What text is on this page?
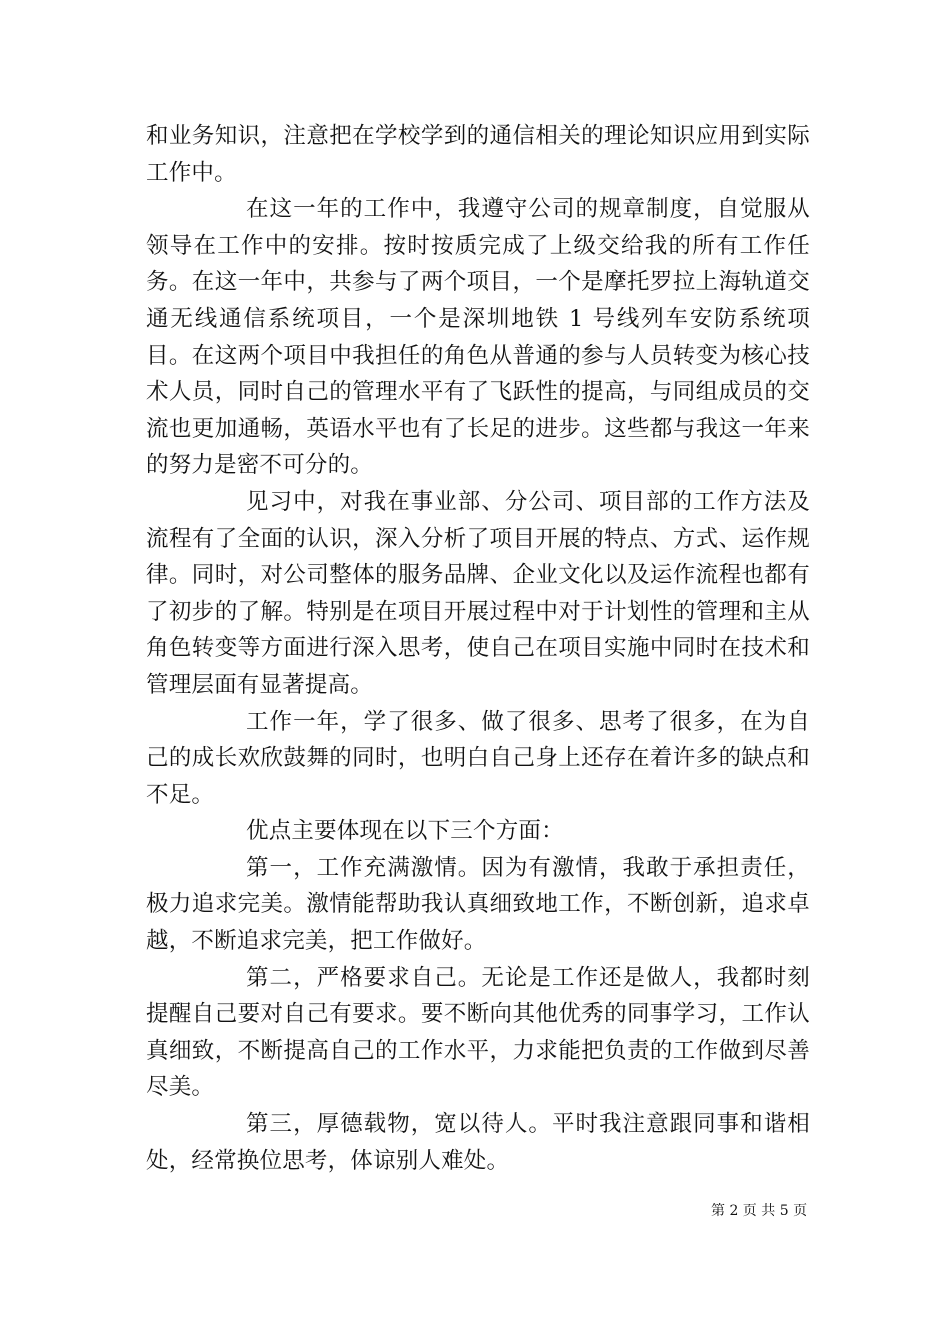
和业务知识，注意把在学校学到的通信相关的理论知识应用到实际工作中。

在这一年的工作中，我遵守公司的规章制度，自觉服从领导在工作中的安排。按时按质完成了上级交给我的所有工作任务。在这一年中，共参与了两个项目，一个是摩托罗拉上海轨道交通无线通信系统项目，一个是深圳地铁 1 号线列车安防系统项目。在这两个项目中我担任的角色从普通的参与人员转变为核心技术人员，同时自己的管理水平有了飞跃性的提高，与同组成员的交流也更加通畅，英语水平也有了长足的进步。这些都与我这一年来的努力是密不可分的。

见习中，对我在事业部、分公司、项目部的工作方法及流程有了全面的认识，深入分析了项目开展的特点、方式、运作规律。同时，对公司整体的服务品牌、企业文化以及运作流程也都有了初步的了解。特别是在项目开展过程中对于计划性的管理和主从角色转变等方面进行深入思考，使自己在项目实施中同时在技术和管理层面有显著提高。

工作一年，学了很多、做了很多、思考了很多，在为自己的成长欢欣鼓舞的同时，也明白自己身上还存在着许多的缺点和不足。

优点主要体现在以下三个方面：

第一，工作充满激情。因为有激情，我敢于承担责任，极力追求完美。激情能帮助我认真细致地工作，不断创新，追求卓越，不断追求完美，把工作做好。

第二，严格要求自己。无论是工作还是做人，我都时刻提醒自己要对自己有要求。要不断向其他优秀的同事学习，工作认真细致，不断提高自己的工作水平，力求能把负责的工作做到尽善尽美。

第三，厚德载物，宽以待人。平时我注意跟同事和谐相处，经常换位思考，体谅别人难处。

第 2 页 共 5 页
